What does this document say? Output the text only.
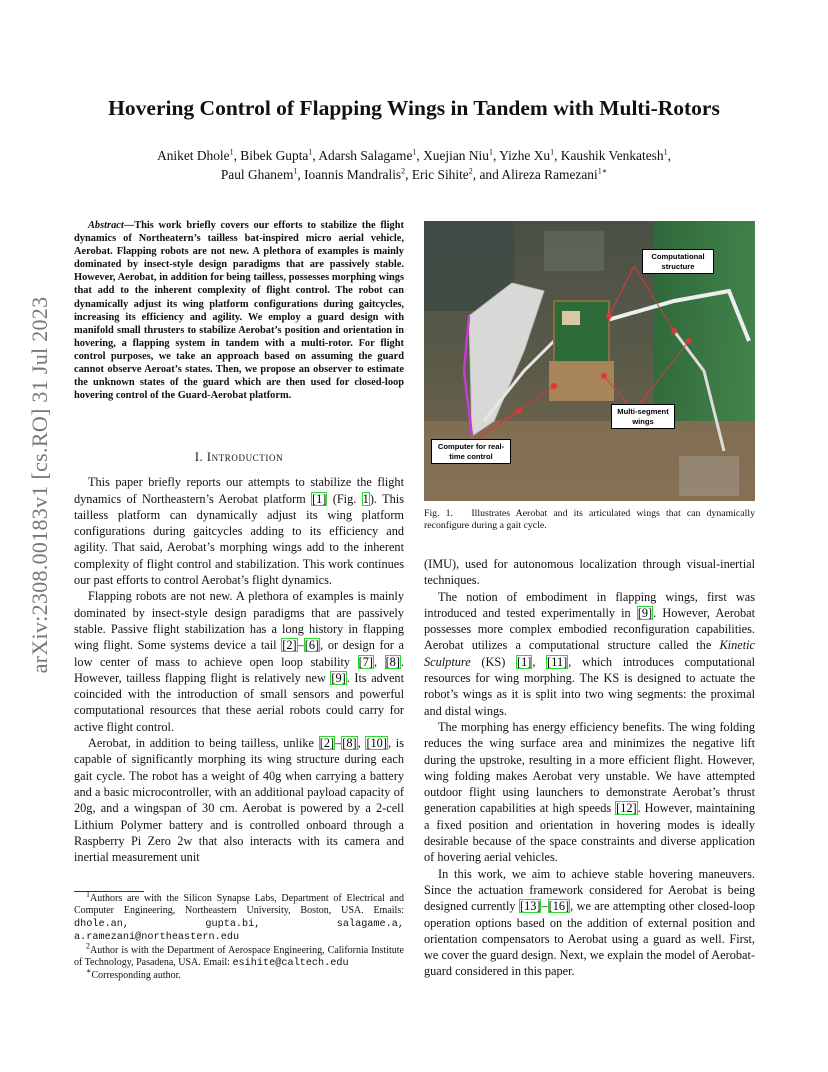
arXiv:2308.00183v1 [cs.RO] 31 Jul 2023
Hovering Control of Flapping Wings in Tandem with Multi-Rotors
Aniket Dhole$^1$, Bibek Gupta$^1$, Adarsh Salagame$^1$, Xuejian Niu$^1$, Yizhe Xu$^1$, Kaushik Venkatesh$^1$,
Paul Ghanem$^1$, Ioannis Mandralis$^2$, Eric Sihite$^2$, and Alireza Ramezani$^{1∗}$
Abstract—This work briefly covers our efforts to stabilize the flight dynamics of Northeatern’s tailless bat-inspired micro aerial vehicle, Aerobat. Flapping robots are not new. A plethora of examples is mainly dominated by insect-style design paradigms that are passively stable. However, Aerobat, in addition for being tailless, possesses morphing wings that add to the inherent complexity of flight control. The robot can dynamically adjust its wing platform configurations during gaitcycles, increasing its efficiency and agility. We employ a guard design with manifold small thrusters to stabilize Aerobat’s position and orientation in hovering, a flapping system in tandem with a multi-rotor. For flight control purposes, we take an approach based on assuming the guard cannot observe Aeroat’s states. Then, we propose an observer to estimate the unknown states of the guard which are then used for closed-loop hovering control of the Guard-Aerobat platform.

I. Introduction

This paper briefly reports our attempts to stabilize the flight dynamics of Northeastern’s Aerobat platform [1] (Fig. 1). This tailless platform can dynamically adjust its wing platform configurations during gaitcycles adding to its efficiency and agility. That said, Aerobat’s morphing wings add to the inherent complexity of flight control and stabilization. This work continues our past efforts to control Aerobat’s flight dynamics.

Flapping robots are not new. A plethora of examples is mainly dominated by insect-style design paradigms that are passively stable. Passive flight stabilization has a long history in flapping wing flight. Some systems device a tail [2]–[6], or design for a low center of mass to achieve open loop stability [7], [8]. However, tailless flapping flight is relatively new [9]. Its advent coincided with the introduction of small sensors and powerful computational resources that these aerial robots could carry for active flight control.

Aerobat, in addition to being tailless, unlike [2]–[8], [10], is capable of significantly morphing its wing structure during each gait cycle. The robot has a weight of 40g when carrying a battery and a basic microcontroller, with an additional payload capacity of 20g, and a wingspan of 30 cm. Aerobat is powered by a 2-cell Lithium Polymer battery and is controlled onboard through a Raspberry Pi Zero 2w that also interacts with its camera and inertial measurement unit

$^1$Authors are with the Silicon Synapse Labs, Department of Electrical and Computer Engineering, Northeastern University, Boston, USA. Emails: dhole.an, gupta.bi, salagame.a, a.ramezani@northeastern.edu

$^2$Author is with the Department of Aerospace Engineering, California Institute of Technology, Pasadena, USA. Email: esihite@caltech.edu

∗Corresponding author.

Computational structure
Multi-segment wings
Computer for real-time control
Fig. 1. Illustrates Aerobat and its articulated wings that can dynamically reconfigure during a gait cycle.

(IMU), used for autonomous localization through visual-inertial techniques.

The notion of embodiment in flapping wings, first was introduced and tested experimentally in [9]. However, Aerobat possesses more complex embodied reconfiguration capabilities. Aerobat utilizes a computational structure called the Kinetic Sculpture (KS) [1], [11], which introduces computational resources for wing morphing. The KS is designed to actuate the robot’s wings as it is split into two wing segments: the proximal and distal wings.

The morphing has energy efficiency benefits. The wing folding reduces the wing surface area and minimizes the negative lift during the upstroke, resulting in a more efficient flight. However, wing folding makes Aerobat very unstable. We have attempted outdoor flight using launchers to demonstrate Aerobat’s thrust generation capabilities at high speeds [12]. However, maintaining a fixed position and orientation in hovering modes is ideally desirable because of the space constraints and diverse application of hovering aerial vehicles.

In this work, we aim to achieve stable hovering maneuvers. Since the actuation framework considered for Aerobat is being designed currently [13]–[16], we are attempting other closed-loop operation options based on the addition of external position and orientation compensators to Aerobat using a guard as well. First, we cover the guard design. Next, we explain the model of Aerobat-guard considered in this paper.
